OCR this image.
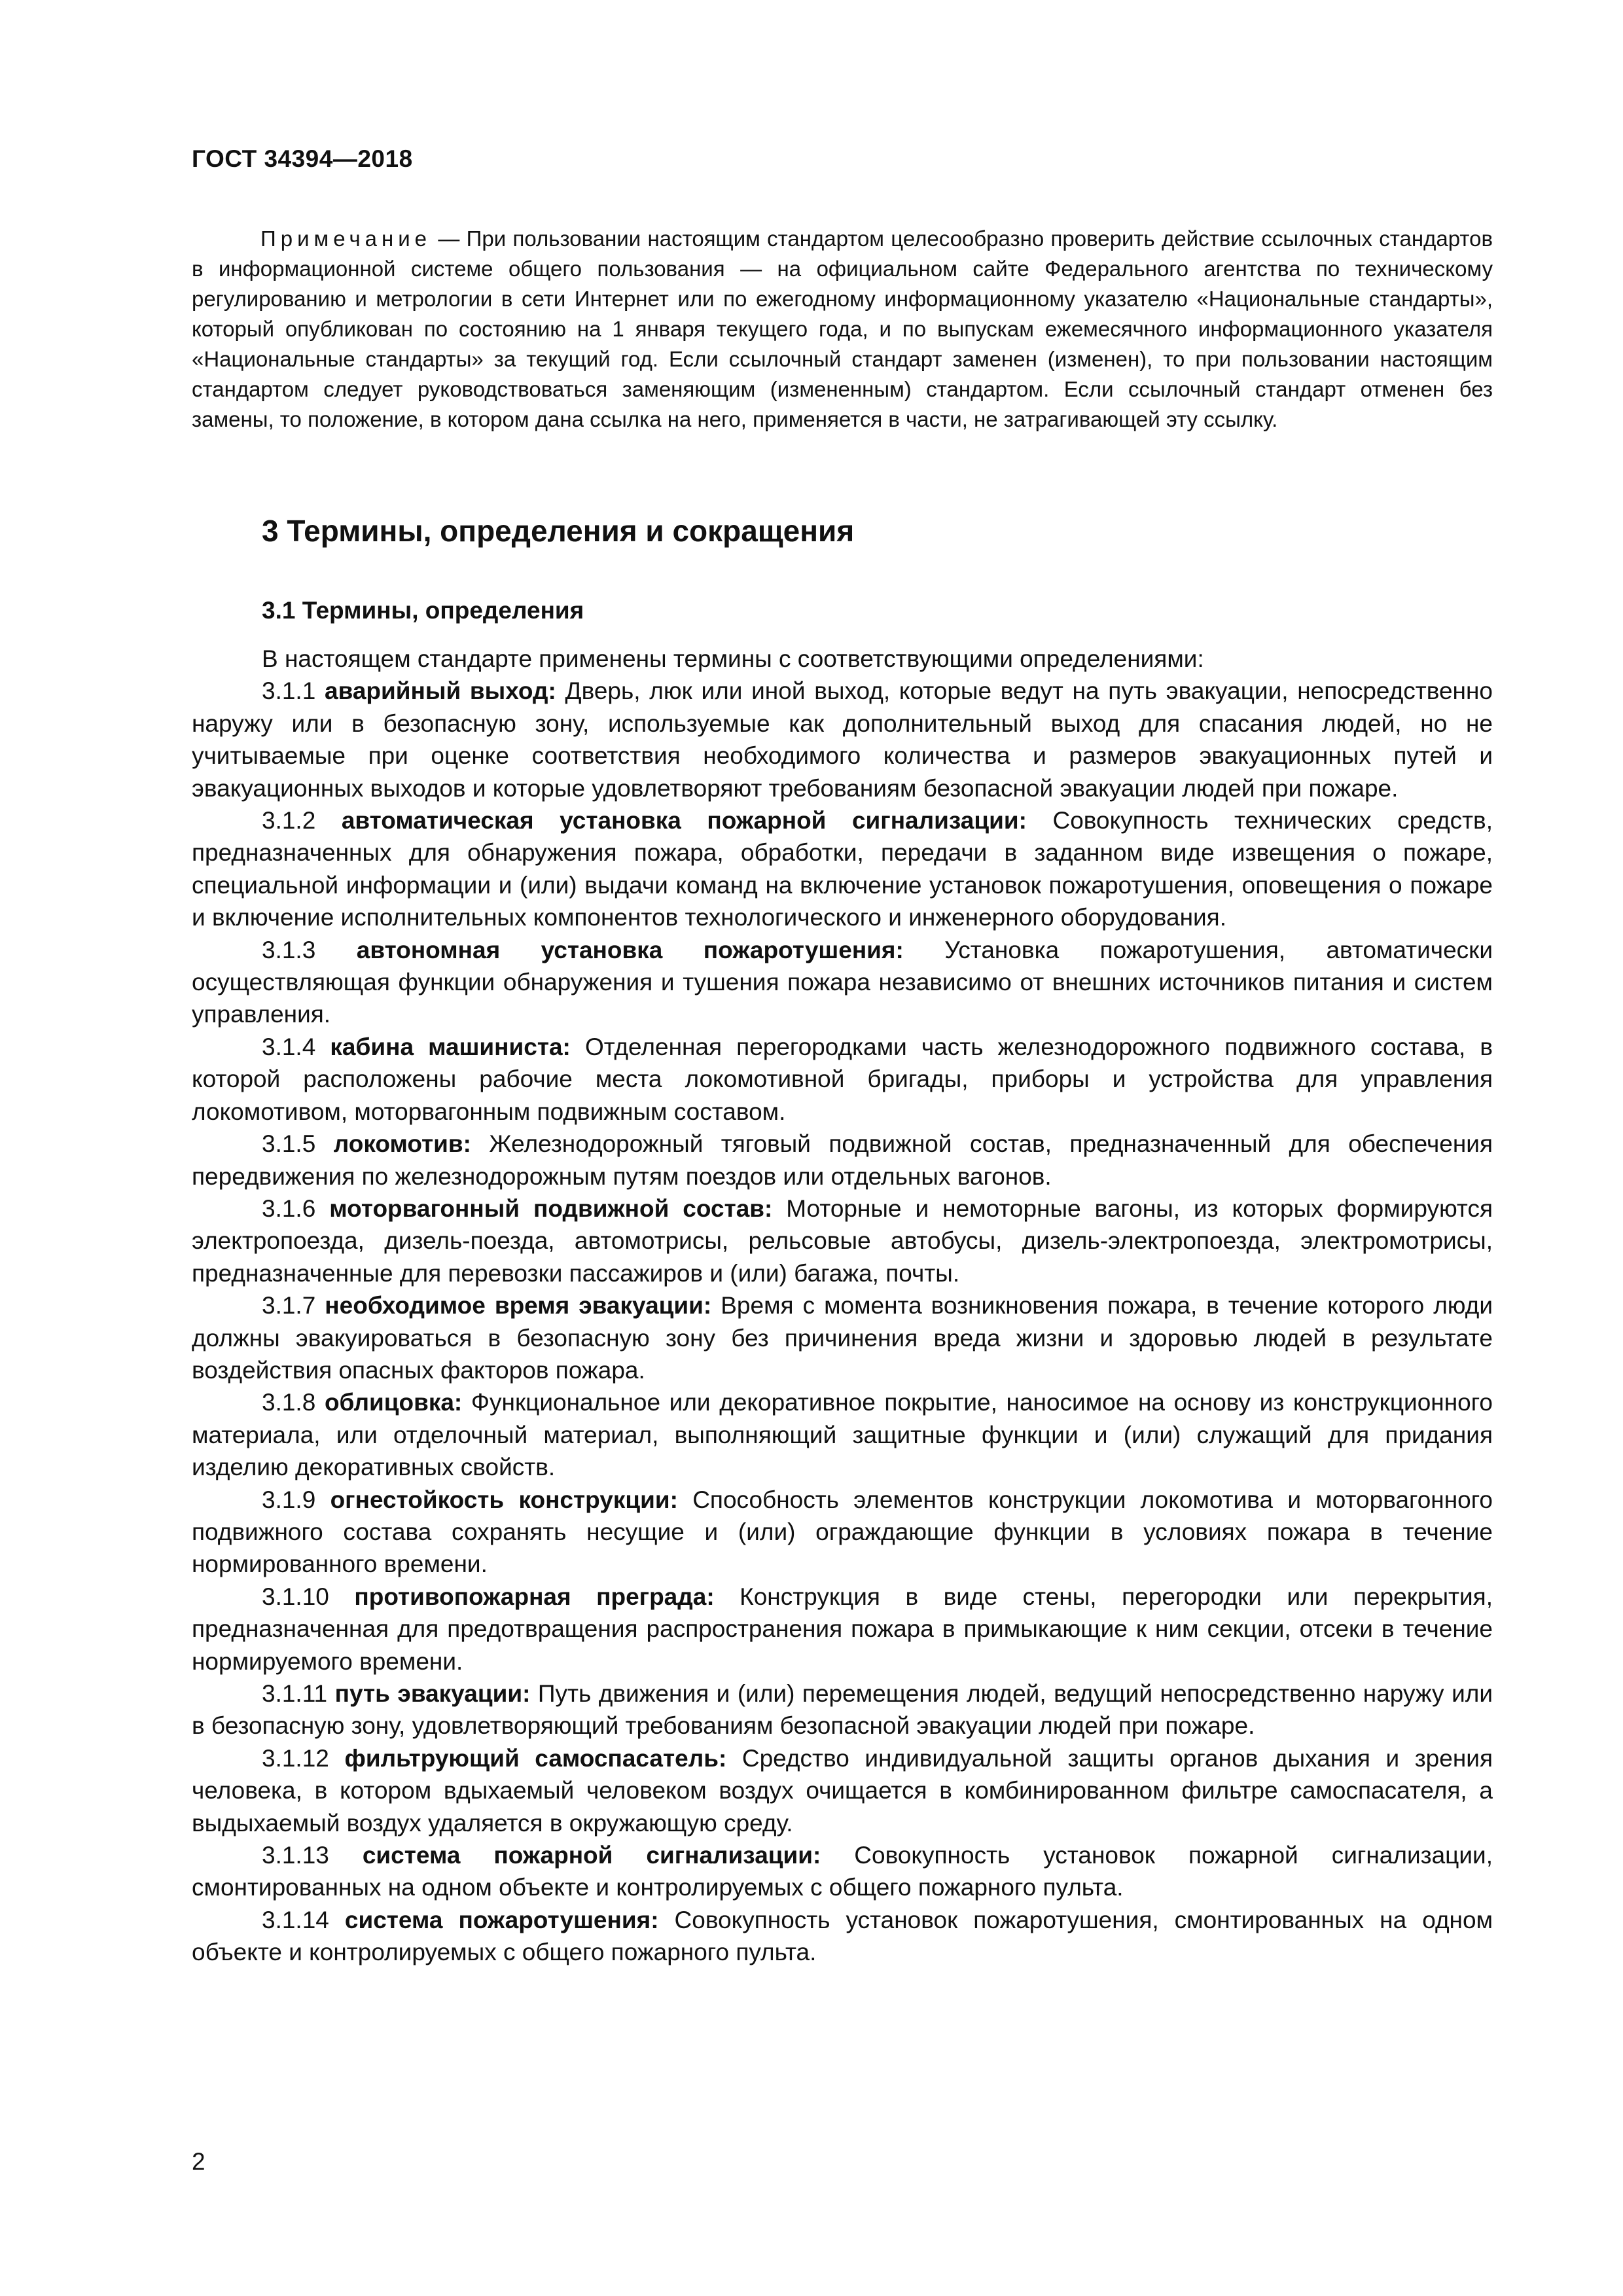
ГОСТ 34394—2018

Примечание — При пользовании настоящим стандартом целесообразно проверить действие ссылочных стандартов в информационной системе общего пользования — на официальном сайте Федерального агентства по техническому регулированию и метрологии в сети Интернет или по ежегодному информационному указателю «Национальные стандарты», который опубликован по состоянию на 1 января текущего года, и по выпускам ежемесячного информационного указателя «Национальные стандарты» за текущий год. Если ссылочный стандарт заменен (изменен), то при пользовании настоящим стандартом следует руководствоваться заменяющим (измененным) стандартом. Если ссылочный стандарт отменен без замены, то положение, в котором дана ссылка на него, применяется в части, не затрагивающей эту ссылку.

3 Термины, определения и сокращения
3.1 Термины, определения

В настоящем стандарте применены термины с соответствующими определениями:

3.1.1 аварийный выход: Дверь, люк или иной выход, которые ведут на путь эвакуации, непосредственно наружу или в безопасную зону, используемые как дополнительный выход для спасания людей, но не учитываемые при оценке соответствия необходимого количества и размеров эвакуационных путей и эвакуационных выходов и которые удовлетворяют требованиям безопасной эвакуации людей при пожаре.

3.1.2 автоматическая установка пожарной сигнализации: Совокупность технических средств, предназначенных для обнаружения пожара, обработки, передачи в заданном виде извещения о пожаре, специальной информации и (или) выдачи команд на включение установок пожаротушения, оповещения о пожаре и включение исполнительных компонентов технологического и инженерного оборудования.

3.1.3 автономная установка пожаротушения: Установка пожаротушения, автоматически осуществляющая функции обнаружения и тушения пожара независимо от внешних источников питания и систем управления.

3.1.4 кабина машиниста: Отделенная перегородками часть железнодорожного подвижного состава, в которой расположены рабочие места локомотивной бригады, приборы и устройства для управления локомотивом, моторвагонным подвижным составом.

3.1.5 локомотив: Железнодорожный тяговый подвижной состав, предназначенный для обеспечения передвижения по железнодорожным путям поездов или отдельных вагонов.

3.1.6 моторвагонный подвижной состав: Моторные и немоторные вагоны, из которых формируются электропоезда, дизель-поезда, автомотрисы, рельсовые автобусы, дизель-электропоезда, электромотрисы, предназначенные для перевозки пассажиров и (или) багажа, почты.

3.1.7 необходимое время эвакуации: Время с момента возникновения пожара, в течение которого люди должны эвакуироваться в безопасную зону без причинения вреда жизни и здоровью людей в результате воздействия опасных факторов пожара.

3.1.8 облицовка: Функциональное или декоративное покрытие, наносимое на основу из конструкционного материала, или отделочный материал, выполняющий защитные функции и (или) служащий для придания изделию декоративных свойств.

3.1.9 огнестойкость конструкции: Способность элементов конструкции локомотива и моторвагонного подвижного состава сохранять несущие и (или) ограждающие функции в условиях пожара в течение нормированного времени.

3.1.10 противопожарная преграда: Конструкция в виде стены, перегородки или перекрытия, предназначенная для предотвращения распространения пожара в примыкающие к ним секции, отсеки в течение нормируемого времени.

3.1.11 путь эвакуации: Путь движения и (или) перемещения людей, ведущий непосредственно наружу или в безопасную зону, удовлетворяющий требованиям безопасной эвакуации людей при пожаре.

3.1.12 фильтрующий самоспасатель: Средство индивидуальной защиты органов дыхания и зрения человека, в котором вдыхаемый человеком воздух очищается в комбинированном фильтре самоспасателя, а выдыхаемый воздух удаляется в окружающую среду.

3.1.13 система пожарной сигнализации: Совокупность установок пожарной сигнализации, смонтированных на одном объекте и контролируемых с общего пожарного пульта.

3.1.14 система пожаротушения: Совокупность установок пожаротушения, смонтированных на одном объекте и контролируемых с общего пожарного пульта.

2
